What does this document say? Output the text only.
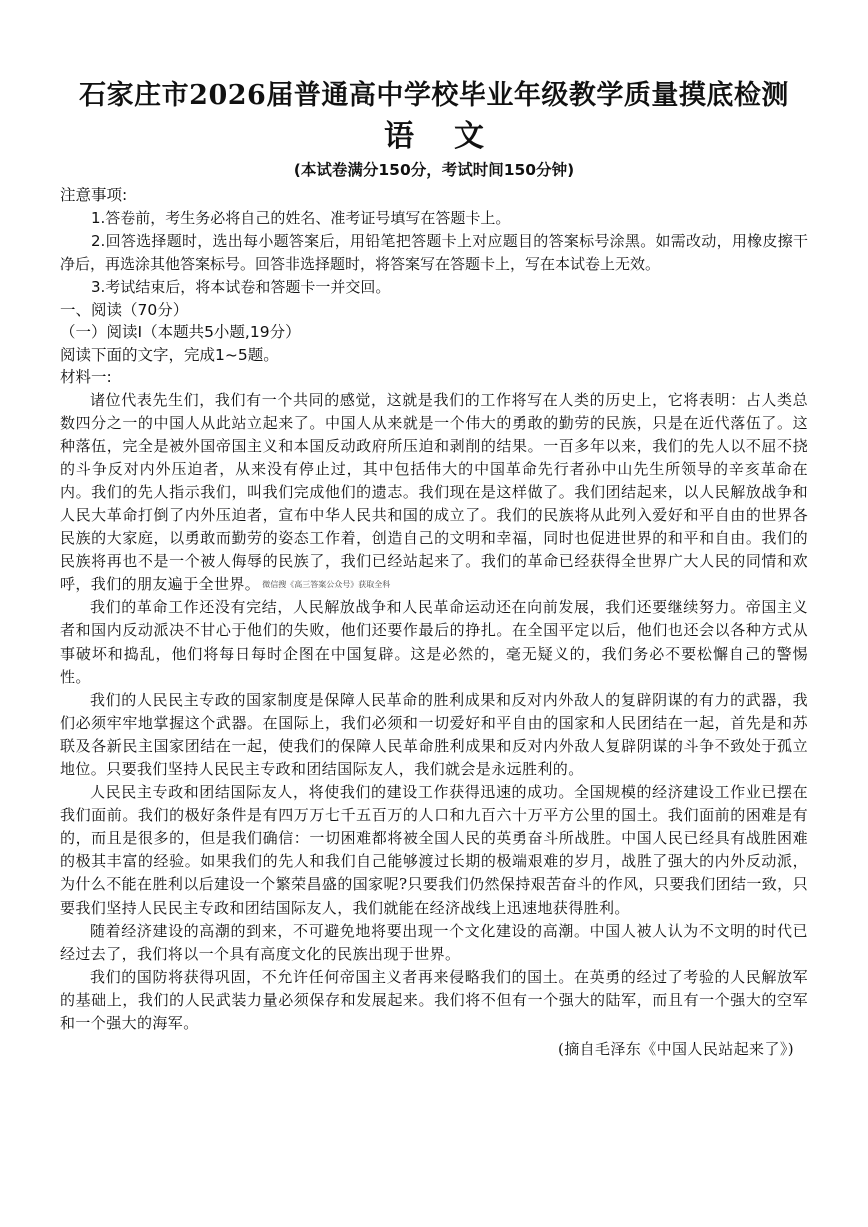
石家庄市2026届普通高中学校毕业年级教学质量摸底检测
语文
(本试卷满分150分，考试时间150分钟)
注意事项:

1.答卷前，考生务必将自己的姓名、准考证号填写在答题卡上。

2.回答选择题时，选出每小题答案后，用铅笔把答题卡上对应题目的答案标号涂黑。如需改动，用橡皮擦干净后，再选涂其他答案标号。回答非选择题时，将答案写在答题卡上，写在本试卷上无效。

3.考试结束后，将本试卷和答题卡一并交回。

一、阅读（70分）
（一）阅读Ⅰ（本题共5小题,19分）
阅读下面的文字，完成1~5题。
材料一:

诸位代表先生们，我们有一个共同的感觉，这就是我们的工作将写在人类的历史上，它将表明：占人类总数四分之一的中国人从此站立起来了。中国人从来就是一个伟大的勇敢的勤劳的民族，只是在近代落伍了。这种落伍，完全是被外国帝国主义和本国反动政府所压迫和剥削的结果。一百多年以来，我们的先人以不屈不挠的斗争反对内外压迫者，从来没有停止过，其中包括伟大的中国革命先行者孙中山先生所领导的辛亥革命在内。我们的先人指示我们，叫我们完成他们的遗志。我们现在是这样做了。我们团结起来，以人民解放战争和人民大革命打倒了内外压迫者，宣布中华人民共和国的成立了。我们的民族将从此列入爱好和平自由的世界各民族的大家庭，以勇敢而勤劳的姿态工作着，创造自己的文明和幸福，同时也促进世界的和平和自由。我们的民族将再也不是一个被人侮辱的民族了，我们已经站起来了。我们的革命已经获得全世界广大人民的同情和欢呼，我们的朋友遍于全世界。 微信搜《高三答案公众号》获取全科

我们的革命工作还没有完结，人民解放战争和人民革命运动还在向前发展，我们还要继续努力。帝国主义者和国内反动派决不甘心于他们的失败，他们还要作最后的挣扎。在全国平定以后，他们也还会以各种方式从事破坏和捣乱，他们将每日每时企图在中国复辟。这是必然的，毫无疑义的，我们务必不要松懈自己的警惕性。

我们的人民民主专政的国家制度是保障人民革命的胜利成果和反对内外敌人的复辟阴谋的有力的武器，我们必须牢牢地掌握这个武器。在国际上，我们必须和一切爱好和平自由的国家和人民团结在一起，首先是和苏联及各新民主国家团结在一起，使我们的保障人民革命胜利成果和反对内外敌人复辟阴谋的斗争不致处于孤立地位。只要我们坚持人民民主专政和团结国际友人，我们就会是永远胜利的。

人民民主专政和团结国际友人，将使我们的建设工作获得迅速的成功。全国规模的经济建设工作业已摆在我们面前。我们的极好条件是有四万万七千五百万的人口和九百六十万平方公里的国土。我们面前的困难是有的，而且是很多的，但是我们确信：一切困难都将被全国人民的英勇奋斗所战胜。中国人民已经具有战胜困难的极其丰富的经验。如果我们的先人和我们自己能够渡过长期的极端艰难的岁月，战胜了强大的内外反动派，为什么不能在胜利以后建设一个繁荣昌盛的国家呢?只要我们仍然保持艰苦奋斗的作风，只要我们团结一致，只要我们坚持人民民主专政和团结国际友人，我们就能在经济战线上迅速地获得胜利。

随着经济建设的高潮的到来，不可避免地将要出现一个文化建设的高潮。中国人被人认为不文明的时代已经过去了，我们将以一个具有高度文化的民族出现于世界。

我们的国防将获得巩固，不允许任何帝国主义者再来侵略我们的国土。在英勇的经过了考验的人民解放军的基础上，我们的人民武装力量必须保存和发展起来。我们将不但有一个强大的陆军，而且有一个强大的空军和一个强大的海军。

(摘自毛泽东《中国人民站起来了》)
